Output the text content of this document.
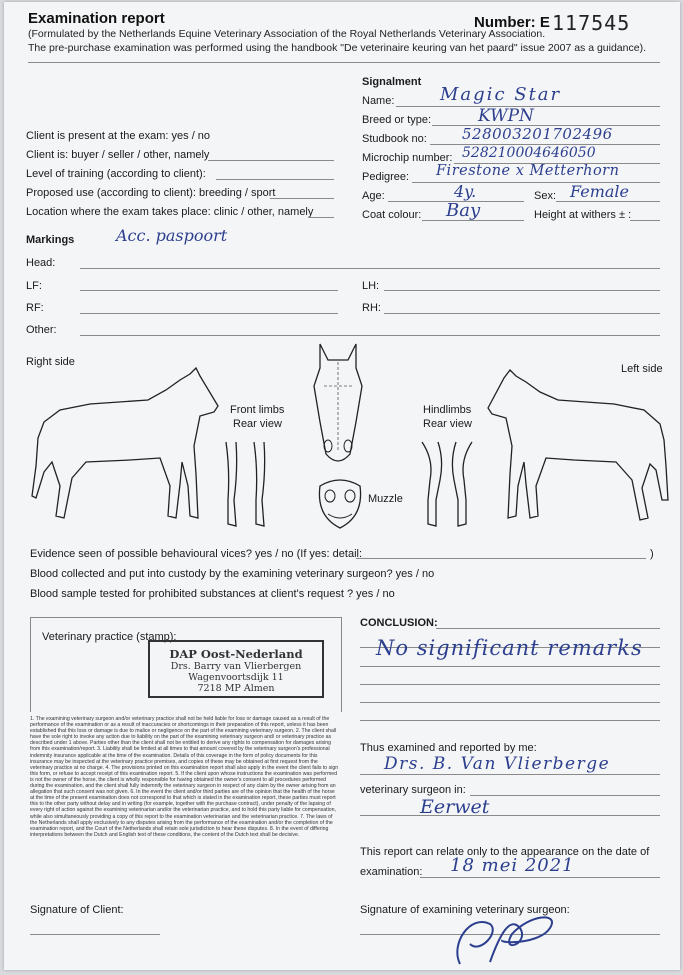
Examination report	Number: E 117545
(Formulated by the Netherlands Equine Veterinary Association of the Royal Netherlands Veterinary Association.
The pre-purchase examination was performed using the handbook "De veterinaire keuring van het paard" issue 2007 as a guidance).
Signalment
Name:	Magic Star
Breed or type:	KWPN
Studbook no: 528003201702496
Microchip number: 528210004646050
Pedigree: Firestone x Metterhorn
Age:	4y.	Sex: Female
Coat colour: Bay	Height at withers ± :
Client is present at the exam: yes / no
Client is: buyer / seller / other, namely
Level of training (according to client):
Proposed use (according to client): breeding / sport
Location where the exam takes place: clinic / other, namely
Markings	Acc. paspoort
Head:
LF:	LH:
RF:	RH:
Other:
Right side
Left side
Front limbs
Rear view
Hindlimbs
Rear view
Muzzle
Evidence seen of possible behavioural vices? yes / no (If yes: detail:	)
Blood collected and put into custody by the examining veterinary surgeon? yes / no
Blood sample tested for prohibited substances at client's request ? yes / no
Veterinary practice (stamp):
DAP Oost-Nederland
Drs. Barry van Vlierbergen
Wagenvoortsdijk 11
7218 MP Almen
1. The examining veterinary surgeon and/or veterinary practice shall not be held liable for loss or damage caused as a result of the performance of the examination or as a result of inaccuracies or shortcomings in their preparation of this report, unless it has been established that this loss or damage is due to malice or negligence on the part of the examining veterinary surgeon. 2. The client shall have the sole right to invoke any action due to liability on the part of the examining veterinary surgeon and/ or veterinary practice as described under 1 above. Parties other than the client shall not be entitled to derive any rights to compensation for damages arising from this examination/report. 3. Liability shall be limited at all times to that amount covered by the veterinary surgeon's professional indemnity insurance applicable at the time of the examination. Details of this coverage in the form of policy documents for this insurance may be inspected at the veterinary practice premises, and copies of these may be obtained at first request from the veterinary practice at no charge. 4. The provisions printed on this examination report shall also apply in the event the client fails to sign this form, or refuse to accept receipt of this examination report. 5. If the client upon whose instructions the examination was performed is not the owner of the horse, the client is wholly responsible for having obtained the owner's consent to all procedures performed during the examination, and the client shall fully indemnify the veterinary surgeon in respect of any claim by the owner arising from an allegation that such consent was not given. 6. In the event the client and/or third parties are of the opinion that the health of the horse at the time of the present examination does not correspond to that which is stated in the examination report, these parties must report this to the other party without delay and in writing (for example, together with the purchase contract), under penalty of the lapsing of every right of action against the examining veterinarian and/or the veterinarian practice, and to hold this party liable for compensation, while also simultaneously providing a copy of this report to the examination veterinarian and the veterinarian practice. 7. The laws of the Netherlands shall apply exclusively to any disputes arising from the performance of the examination and/or the completion of the examination report, and the Court of the Netherlands shall retain sole jurisdiction to hear these disputes. 8. In the event of differing interpretations between the Dutch and English text of these conditions, the content of the Dutch text shall be decisive.
CONCLUSION:
No significant remarks
Thus examined and reported by me:
Drs. B. Van Vlierberge
veterinary surgeon in:
Eerwet
This report can relate only to the appearance on the date of
examination: 18 mei 2021
Signature of examining veterinary surgeon:
Signature of Client:
